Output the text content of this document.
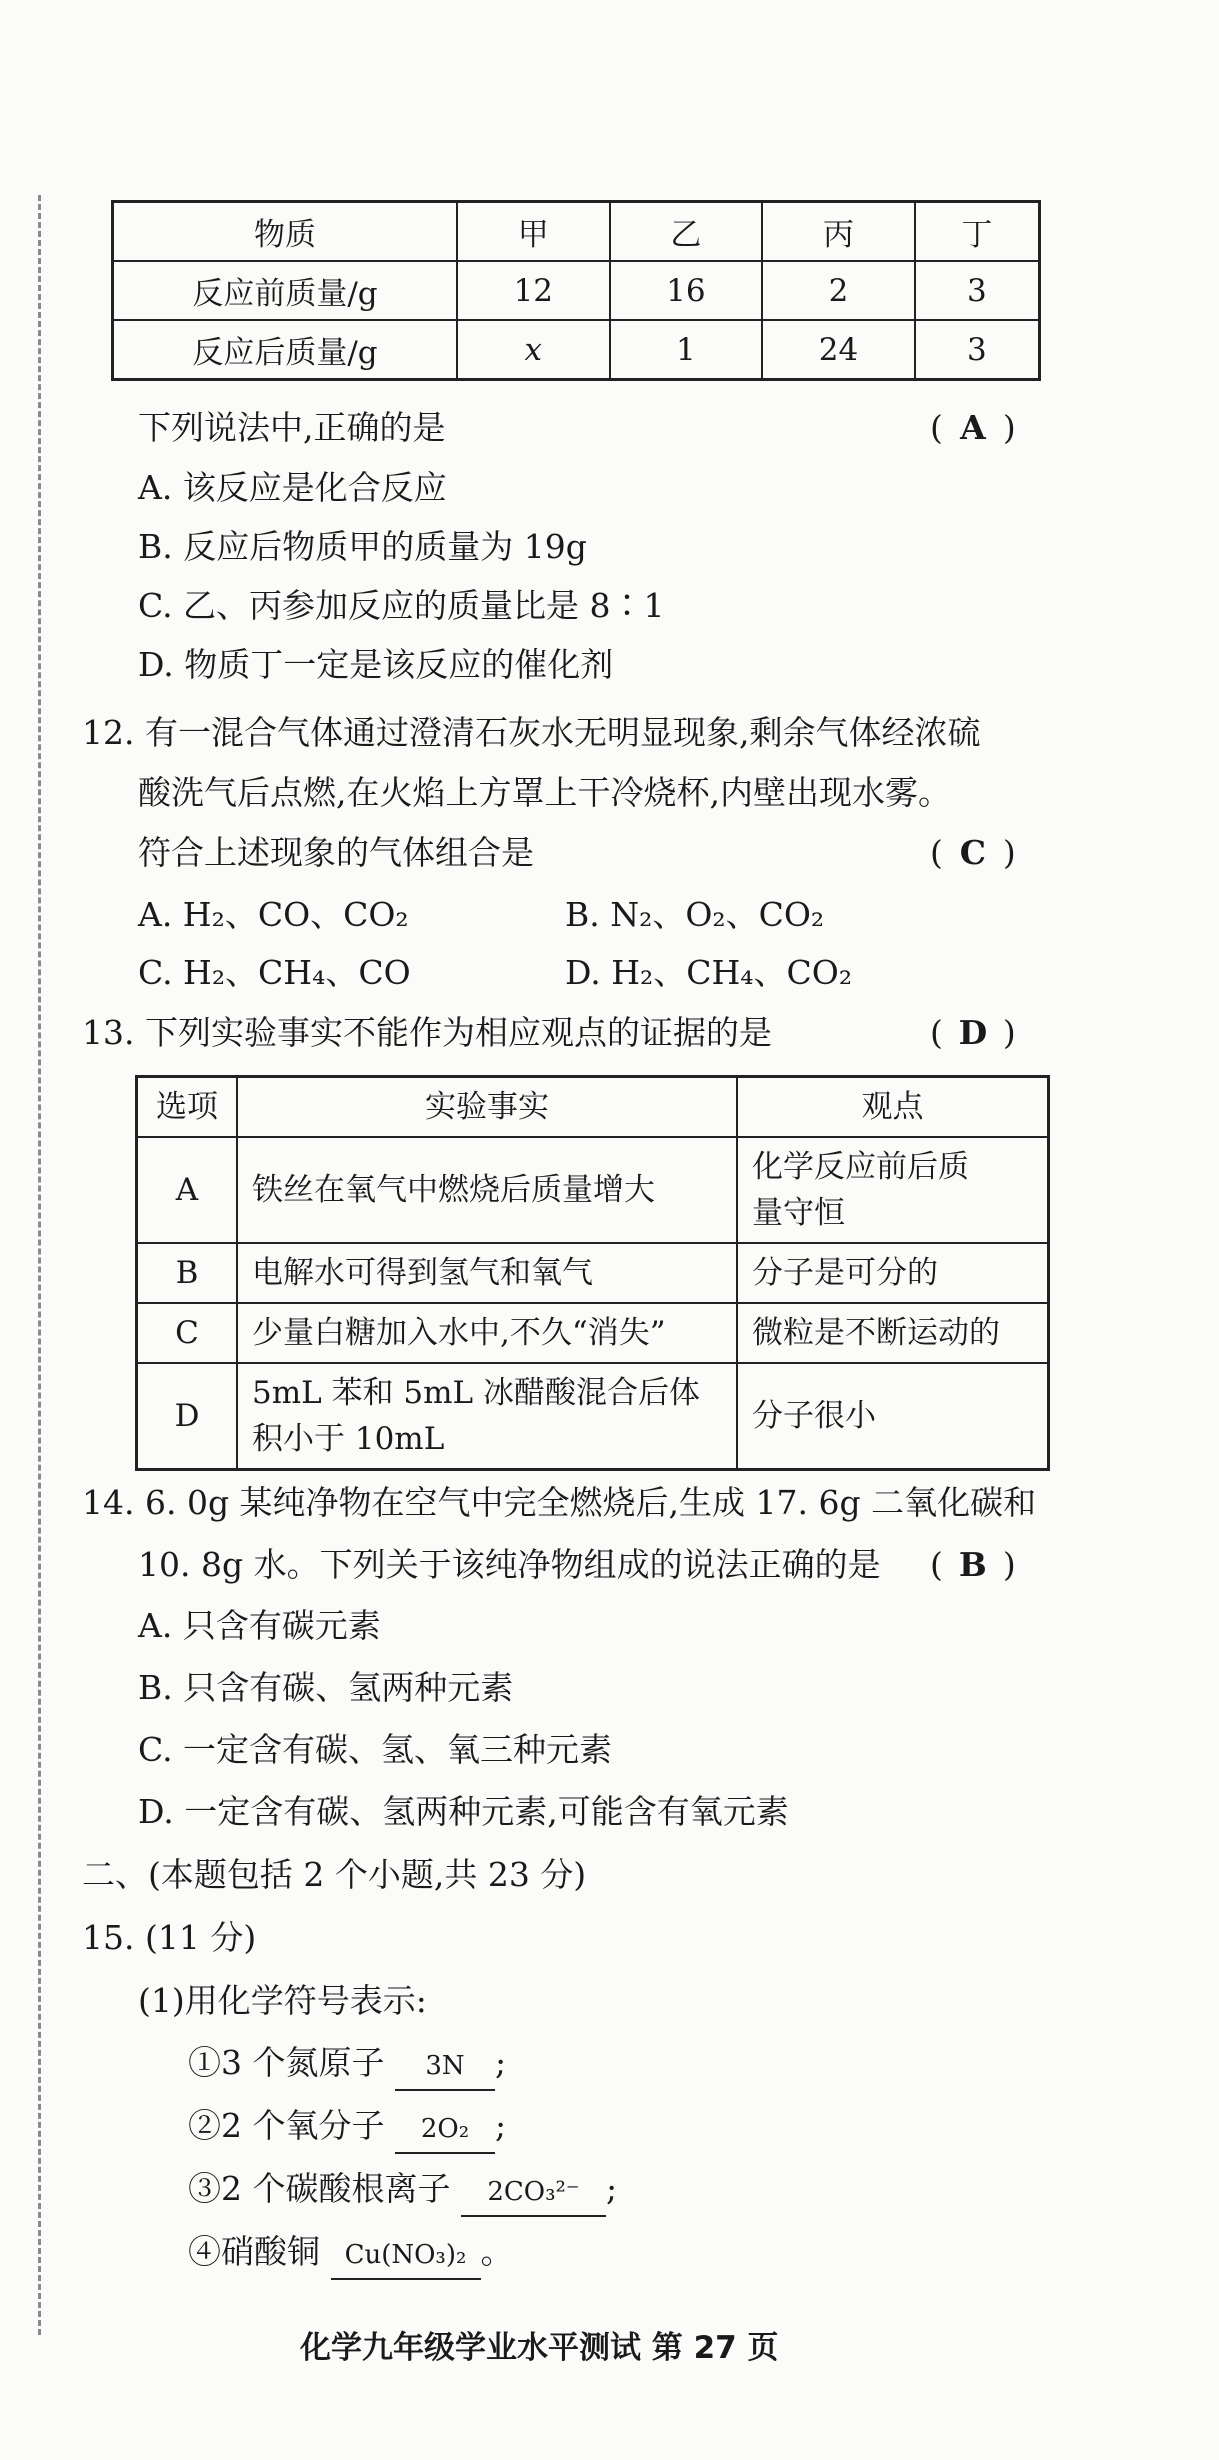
物质	甲	乙	丙	丁
反应前质量/g	12	16	2	3
反应后质量/g	x	1	24	3
下列说法中,正确的是	( A )
A. 该反应是化合反应
B. 反应后物质甲的质量为 19g
C. 乙、丙参加反应的质量比是 8∶1
D. 物质丁一定是该反应的催化剂
12. 有一混合气体通过澄清石灰水无明显现象,剩余气体经浓硫
酸洗气后点燃,在火焰上方罩上干冷烧杯,内壁出现水雾。
符合上述现象的气体组合是	( C )
A. H₂、CO、CO₂	B. N₂、O₂、CO₂
C. H₂、CH₄、CO	D. H₂、CH₄、CO₂
13. 下列实验事实不能作为相应观点的证据的是	( D )
选项	实验事实	观点
A	铁丝在氧气中燃烧后质量增大	化学反应前后质
量守恒
B	电解水可得到氢气和氧气	分子是可分的
C	少量白糖加入水中,不久“消失”	微粒是不断运动的
D	5mL 苯和 5mL 冰醋酸混合后体
积小于 10mL	分子很小
14. 6. 0g 某纯净物在空气中完全燃烧后,生成 17. 6g 二氧化碳和
10. 8g 水。下列关于该纯净物组成的说法正确的是 ( B )
A. 只含有碳元素
B. 只含有碳、氢两种元素
C. 一定含有碳、氢、氧三种元素
D. 一定含有碳、氢两种元素,可能含有氧元素
二、(本题包括 2 个小题,共 23 分)
15. (11 分)
(1)用化学符号表示:
①3 个氮原子 3N ;
②2 个氧分子 2O₂ ;
③2 个碳酸根离子 2CO₃²⁻ ;
④硝酸铜 Cu(NO₃)₂ 。
化学九年级学业水平测试 第 27 页
